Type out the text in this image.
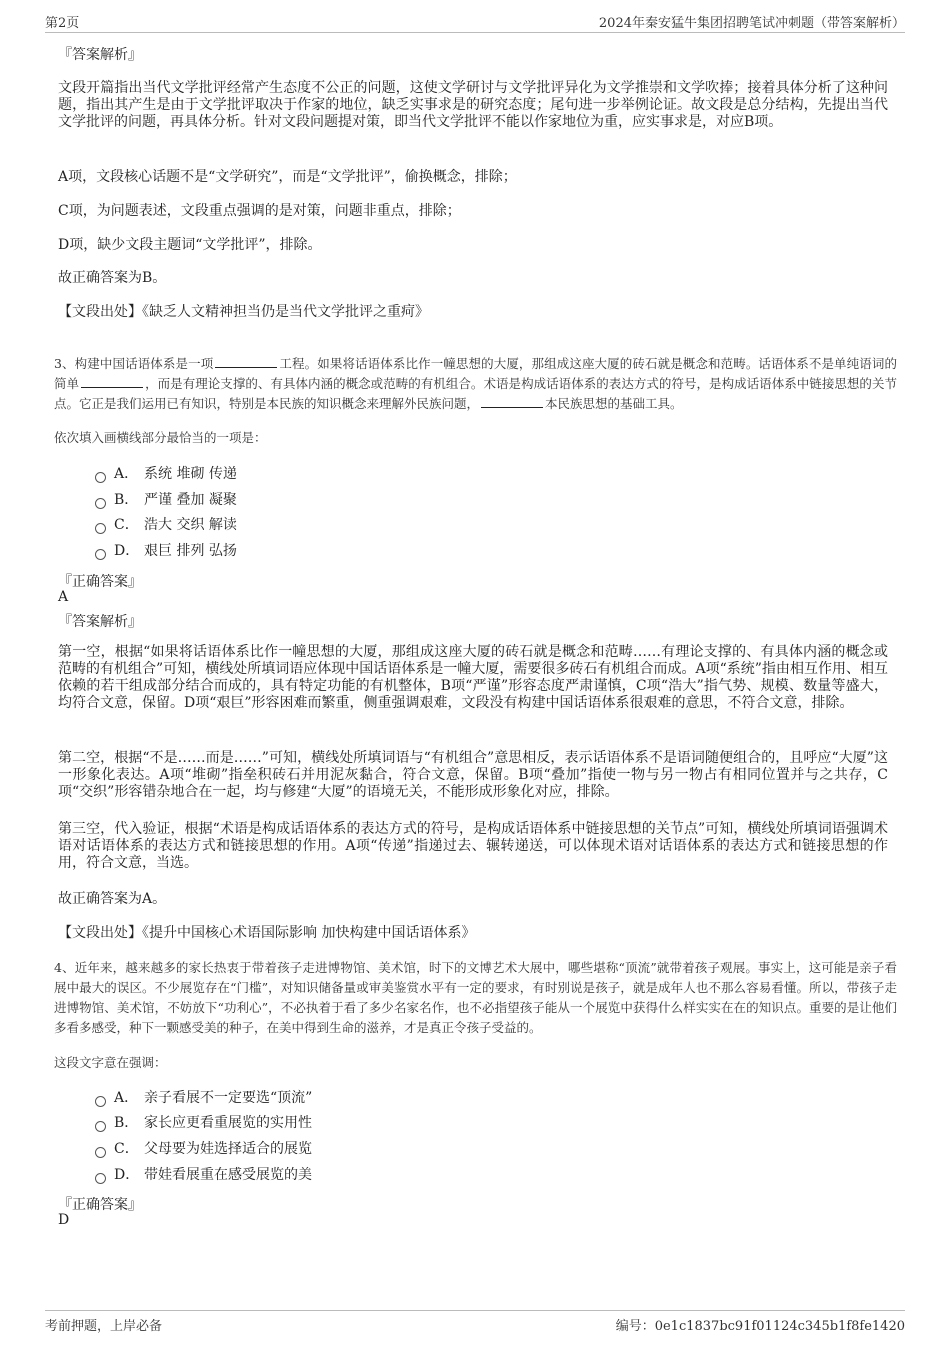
第2页	2024年秦安猛牛集团招聘笔试冲刺题（带答案解析）
『答案解析』
文段开篇指出当代文学批评经常产生态度不公正的问题，这使文学研讨与文学批评异化为文学推崇和文学吹捧；接着具体分析了这种问题，指出其产生是由于文学批评取决于作家的地位，缺乏实事求是的研究态度；尾句进一步举例论证。故文段是总分结构，先提出当代文学批评的问题，再具体分析。针对文段问题提对策，即当代文学批评不能以作家地位为重，应实事求是，对应B项。
A项，文段核心话题不是“文学研究”，而是“文学批评”，偷换概念，排除；
C项，为问题表述，文段重点强调的是对策，问题非重点，排除；
D项，缺少文段主题词“文学批评”，排除。
故正确答案为B。
【文段出处】《缺乏人文精神担当仍是当代文学批评之重疴》
3、构建中国话语体系是一项	工程。如果将话语体系比作一幢思想的大厦，那组成这座大厦的砖石就是概念和范畴。话语体系不是单纯语词的简单	，而是有理论支撑的、有具体内涵的概念或范畴的有机组合。术语是构成话语体系的表达方式的符号，是构成话语体系中链接思想的关节点。它正是我们运用已有知识，特别是本民族的知识概念来理解外民族问题，	本民族思想的基础工具。
依次填入画横线部分最恰当的一项是：
A． 系统 堆砌 传递
B． 严谨 叠加 凝聚
C． 浩大 交织 解读
D． 艰巨 排列 弘扬
『正确答案』
A
『答案解析』
第一空，根据“如果将话语体系比作一幢思想的大厦，那组成这座大厦的砖石就是概念和范畴……有理论支撑的、有具体内涵的概念或范畴的有机组合”可知，横线处所填词语应体现中国话语体系是一幢大厦，需要很多砖石有机组合而成。A项“系统”指由相互作用、相互依赖的若干组成部分结合而成的，具有特定功能的有机整体，B项“严谨”形容态度严肃谨慎，C项“浩大”指气势、规模、数量等盛大，均符合文意，保留。D项“艰巨”形容困难而繁重，侧重强调艰难，文段没有构建中国话语体系很艰难的意思，不符合文意，排除。
第二空，根据“不是……而是……”可知，横线处所填词语与“有机组合”意思相反，表示话语体系不是语词随便组合的，且呼应“大厦”这一形象化表达。A项“堆砌”指垒积砖石并用泥灰黏合，符合文意，保留。B项“叠加”指使一物与另一物占有相同位置并与之共存，C项“交织”形容错杂地合在一起，均与修建“大厦”的语境无关，不能形成形象化对应，排除。
第三空，代入验证，根据“术语是构成话语体系的表达方式的符号，是构成话语体系中链接思想的关节点”可知，横线处所填词语强调术语对话语体系的表达方式和链接思想的作用。A项“传递”指递过去、辗转递送，可以体现术语对话语体系的表达方式和链接思想的作用，符合文意，当选。
故正确答案为A。
【文段出处】《提升中国核心术语国际影响 加快构建中国话语体系》
4、近年来，越来越多的家长热衷于带着孩子走进博物馆、美术馆，时下的文博艺术大展中，哪些堪称“顶流”就带着孩子观展。事实上，这可能是亲子看展中最大的误区。不少展览存在“门槛”，对知识储备量或审美鉴赏水平有一定的要求，有时别说是孩子，就是成年人也不那么容易看懂。所以，带孩子走进博物馆、美术馆，不妨放下“功利心”，不必执着于看了多少名家名作，也不必指望孩子能从一个展览中获得什么样实实在在的知识点。重要的是让他们多看多感受，种下一颗感受美的种子，在美中得到生命的滋养，才是真正令孩子受益的。
这段文字意在强调：
A． 亲子看展不一定要选“顶流”
B． 家长应更看重展览的实用性
C． 父母要为娃选择适合的展览
D． 带娃看展重在感受展览的美
『正确答案』
D
考前押题，上岸必备	编号：0e1c1837bc91f01124c345b1f8fe1420
